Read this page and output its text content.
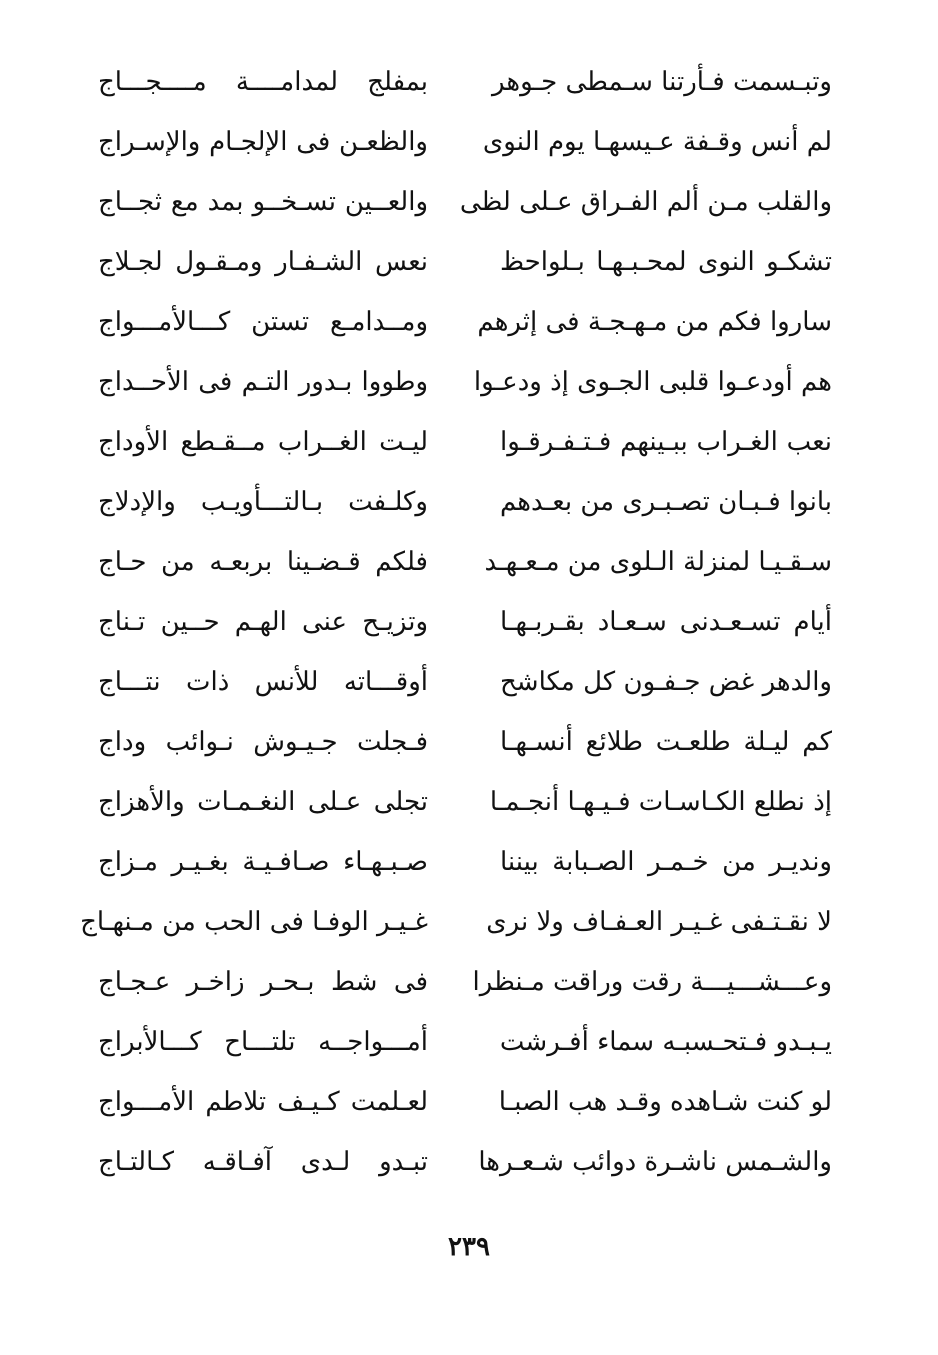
وتبـسمت فـأرتنا سـمطى جـوهر
بمفلج لمدامــــة مــــجـــاج
لم أنس وقـفة عـيسهـا يوم النوى
والظعـن فى الإلجـام والإسـراج
والقلب مـن ألم الفـراق عـلى لظى
والعــين تسـخــو بمد مع ثجــاج
تشكـو النوى لمحـبـهـا بـلواحظ
نعس الشـفـار ومـقـول لجـلاج
ساروا فكم من مـهـجـة فى إثرهم
ومــدامـع تستن كـــالأمـــواج
هم أودعـوا قلبى الجـوى إذ ودعـوا
وطووا بـدور التـم فى الأحــداج
نعب الغـراب ببـينهم فـتـفـرقـوا
ليـت الغــراب مــقـطع الأوداج
بانوا فـبـان تصـبـرى من بعـدهم
وكلـفت بـالتـــأويـب والإدلاج
سـقـيـا لمنزلة الـلوى من مـعـهـد
فلكم قـضـينا بربعـه من حـاج
أيام تسـعـدنى سـعـاد بقـربـهـا
وتزيـح عنى الهـم حــين تـناج
والدهر غض جـفـون كل مكاشح
أوقـــاته للأنس ذات نتـــاج
كم ليـلة طلعـت طلائع أنسـهـا
فـجلت جـيـوش نـوائب وداج
إذ نطلع الكـاسـات فـيـهـا أنجـمـا
تجلى عـلى النغـمـات والأهزاج
ونديـر من خـمـر الصـبابة بيننا
صـبـهـاء صـافـيـة بغـيـر مـزاج
لا نقـتـفى غـيـر العـفـاف ولا نرى
غـيـر الوفـا فى الحب من مـنهـاج
وعـــشـــيـــة رقت وراقت مـنظرا
فى شط بـحـر زاخـر عـجـاج
يـبـدو فـتحـسبـه سماء أفـرشت
أمـــواجــه تلتـــاح كـــالأبراج
لو كنت شـاهده وقـد هب الصبـا
لعـلمت كـيـف تلاطم الأمـــواج
والشـمس ناشـرة دوائب شـعـرها
تبـدو لـدى آفـاقـه كـالتـاج
٢٣٩
